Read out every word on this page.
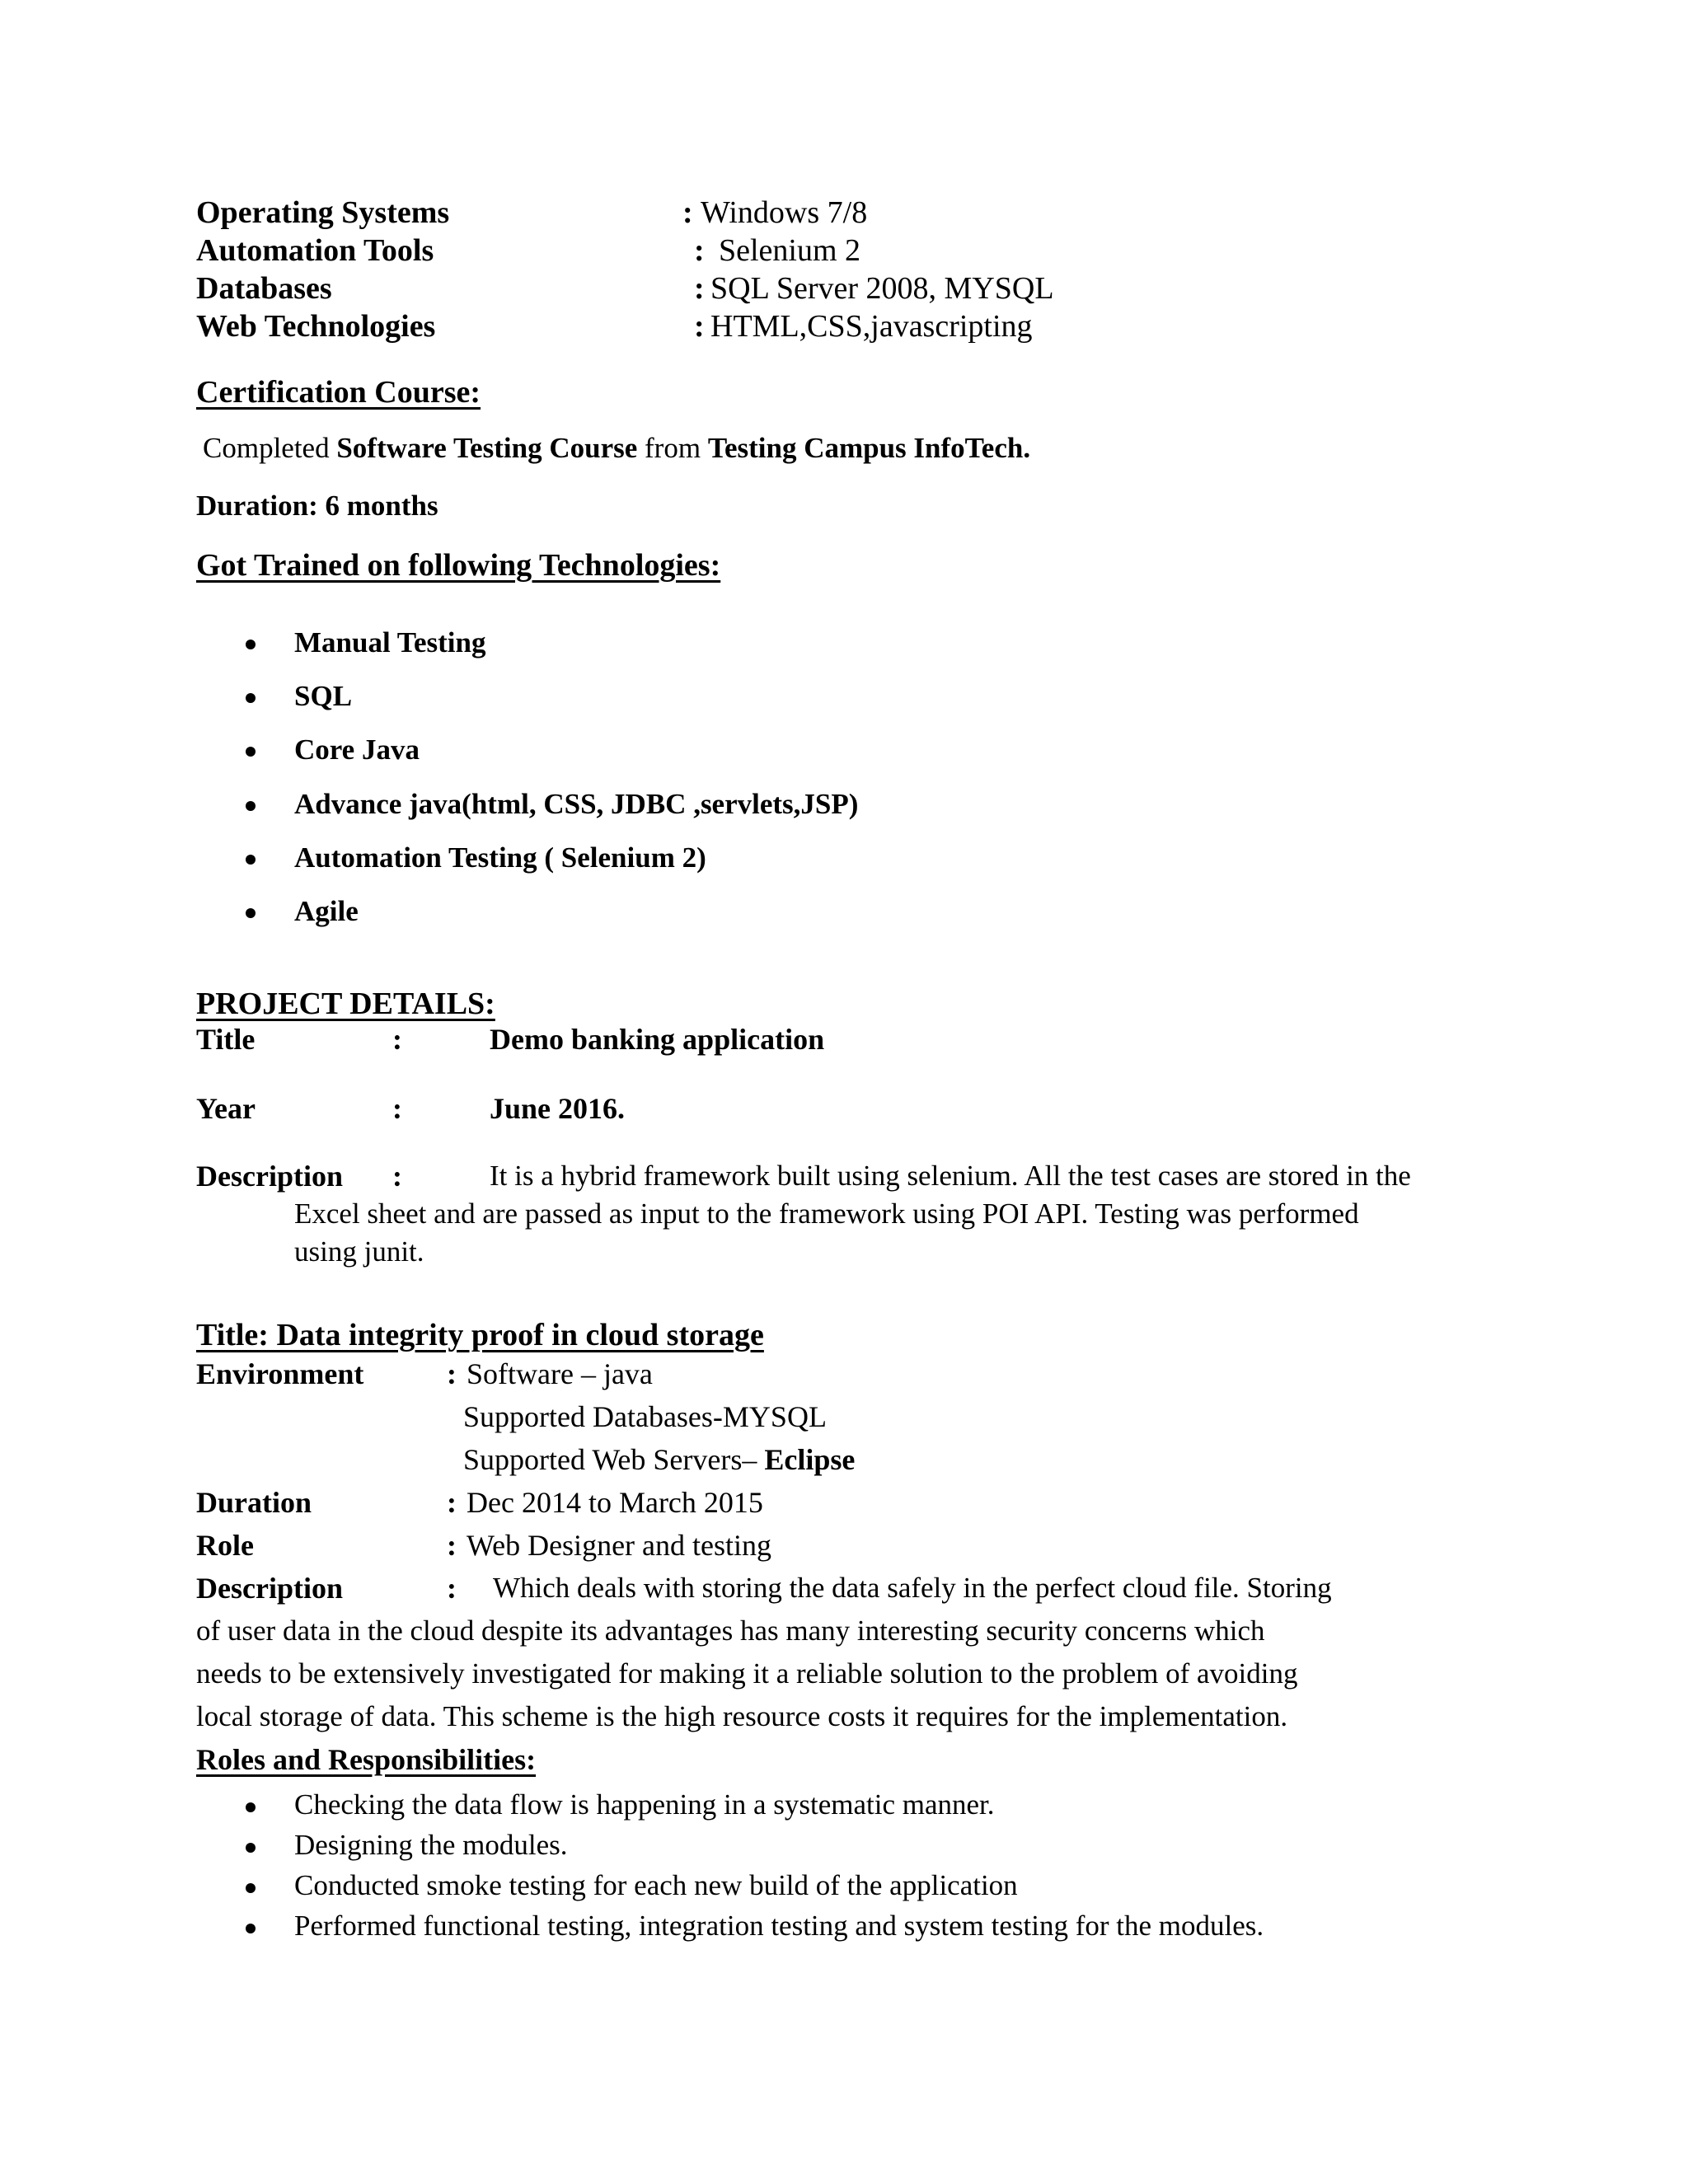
Operating Systems	: Windows 7/8
Automation Tools	: Selenium 2
Databases	: SQL Server 2008, MYSQL
Web Technologies	: HTML,CSS,javascripting
Certification Course:
Completed Software Testing Course from Testing Campus InfoTech.
Duration: 6 months
Got Trained on following Technologies:
Manual Testing
SQL
Core Java
Advance java(html, CSS, JDBC ,servlets,JSP)
Automation Testing ( Selenium 2)
Agile
PROJECT DETAILS:
Title	:	Demo banking application
Year	:	June 2016.
Description :	It is a hybrid framework built using selenium. All the test cases are stored in the
Excel sheet and are passed as input to the framework using POI API. Testing was performed
using junit.
Title: Data integrity proof in cloud storage
Environment	: Software – java
Supported Databases-MYSQL
Supported Web Servers– Eclipse
Duration	: Dec 2014 to March 2015
Role	: Web Designer and testing
Description	: Which deals with storing the data safely in the perfect cloud file. Storing
of user data in the cloud despite its advantages has many interesting security concerns which
needs to be extensively investigated for making it a reliable solution to the problem of avoiding
local storage of data. This scheme is the high resource costs it requires for the implementation.
Roles and Responsibilities:
Checking the data flow is happening in a systematic manner.
Designing the modules.
Conducted smoke testing for each new build of the application
Performed functional testing, integration testing and system testing for the modules.
